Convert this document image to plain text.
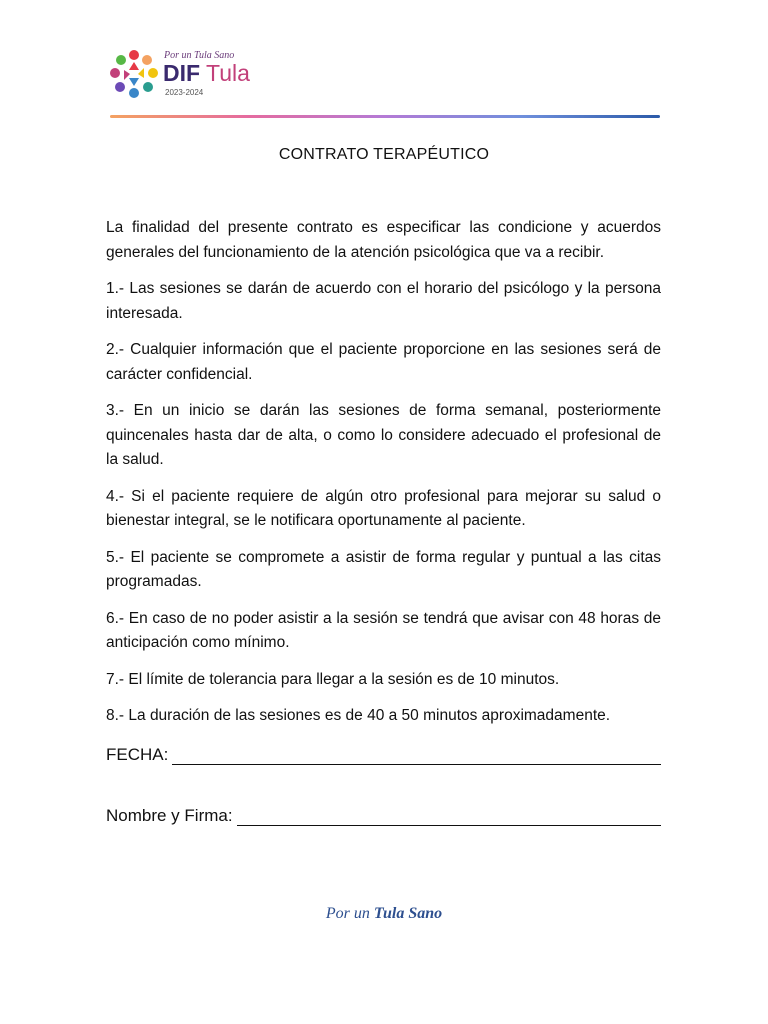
Por un Tula Sano
DIF Tula
2023-2024
CONTRATO TERAPÉUTICO

La finalidad del presente contrato es especificar las condicione y acuerdos generales del funcionamiento de la atención psicológica que va a recibir.

1.- Las sesiones se darán de acuerdo con el horario del psicólogo y la persona interesada.

2.- Cualquier información que el paciente proporcione en las sesiones será de carácter confidencial.

3.- En un inicio se darán las sesiones de forma semanal, posteriormente quincenales hasta dar de alta, o como lo considere adecuado el profesional de la salud.

4.- Si el paciente requiere de algún otro profesional para mejorar su salud o bienestar integral, se le notificara oportunamente al paciente.

5.- El paciente se compromete a asistir de forma regular y puntual a las citas programadas.

6.- En caso de no poder asistir a la sesión se tendrá que avisar con 48 horas de anticipación como mínimo.

7.- El límite de tolerancia para llegar a la sesión es de 10 minutos.

8.- La duración de las sesiones es de 40 a 50 minutos aproximadamente.

FECHA:
Nombre y Firma:
Por un Tula Sano
